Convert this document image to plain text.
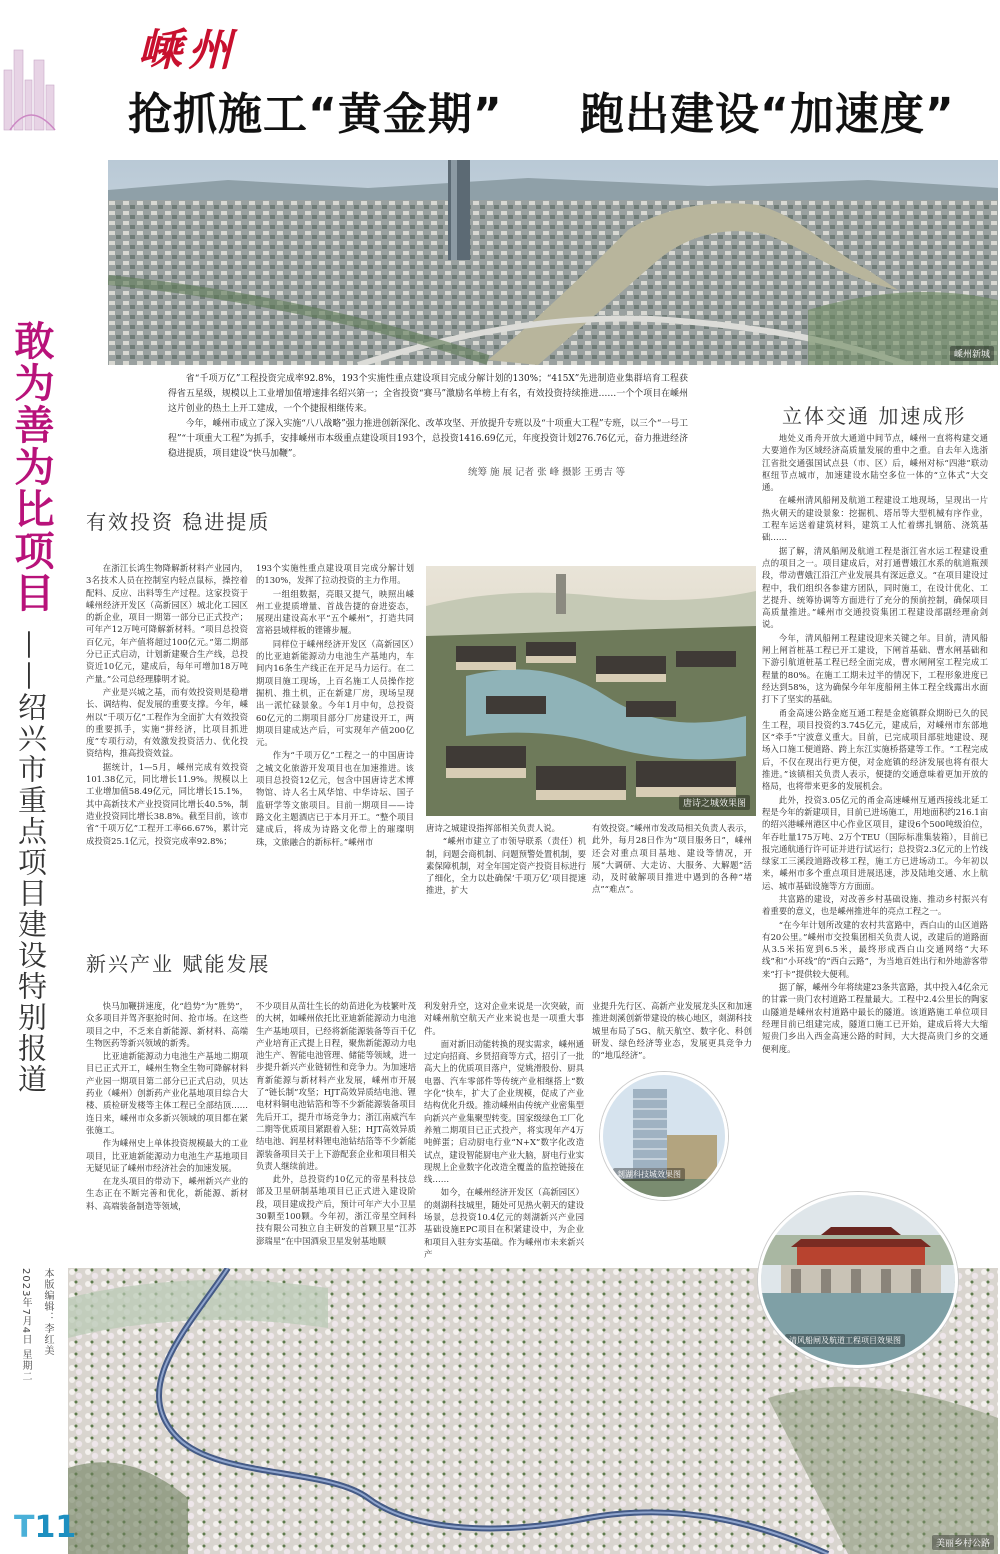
嵊州
抢抓施工“黄金期” 跑出建设“加速度”
嵊州新城
敢为善为比项目
——绍兴市重点项目建设特别报道

省“千项万亿”工程投资完成率92.8%，193个实施性重点建设项目完成分解计划的130%；“415X”先进制造业集群培育工程获得省五星级，规模以上工业增加值增速排名绍兴第一；全省投资“赛马”激励名单榜上有名，有效投资持续推进……一个个项目在嵊州这片创业的热土上开工建成，一个个捷报相继传来。

今年，嵊州市成立了深入实施“八八战略”强力推进创新深化、改革攻坚、开放提升专班以及“十项重大工程”专班，以三个“一号工程”“十项重大工程”为抓手，安排嵊州市本级重点建设项目193个，总投资1416.69亿元，年度投资计划276.76亿元，奋力推进经济稳进提质，项目建设“快马加鞭”。

统筹 施 展 记者 张 峰 摄影 王勇吉 等
有效投资 稳进提质

在浙江长鸿生物降解新材料产业园内，3名技术人员在控制室内轻点鼠标，操控着配料、反应、出料等生产过程。这家投资于嵊州经济开发区（高新园区）城北化工园区的新企业，项目一期第一部分已正式投产；可年产12万吨可降解新材料。“项目总投资百亿元，年产值将超过100亿元。”第二期部分已正式启动，计划新建聚合生产线，总投资近10亿元，建成后，每年可增加18万吨产量。”公司总经理滕明才说。

产业是兴城之基，而有效投资则是稳增长、调结构、促发展的重要支撑。今年，嵊州以“千项万亿”工程作为全面扩大有效投资的重要抓手，实施“拼经济，比项目抓进度”专项行动，有效激发投资活力、优化投资结构，推高投资效益。

据统计，1—5月，嵊州完成有效投资101.38亿元，同比增长11.9%。规模以上工业增加值58.49亿元，同比增长15.1%，其中高新技术产业投资同比增长40.5%，制造业投资同比增长38.8%。截至目前，该市省“千项万亿”工程开工率66.67%，累计完成投资25.1亿元，投资完成率92.8%；

193个实施性重点建设项目完成分解计划的130%，发挥了拉动投资的主力作用。

一组组数据，亮眼又提气，映照出嵊州工业提质增量、首战告捷的奋进姿态，展现出建设高水平“五个嵊州”，打造共同富裕县域样板的铿锵步履。

同样位于嵊州经济开发区（高新园区）的比亚迪新能源动力电池生产基地内，车间内16条生产线正在开足马力运行。在二期项目施工现场，上百名施工人员操作挖掘机、推土机，正在新建厂房，现场呈现出一派忙碌景象。今年1月中旬，总投资60亿元的二期项目部分厂房建设开工，两期项目建成达产后，可实现年产值200亿元。

作为“千项万亿”工程之一的中国唐诗之城文化旅游开发项目也在加速推进。该项目总投资12亿元，包含中国唐诗艺术博物馆、诗人名士风华馆、中华诗坛、国子监研学等文旅项目。目前一期项目——诗路文化主题酒店已于本月开工。“整个项目建成后，将成为诗路文化带上的璀璨明珠，文旅融合的新标杆。”嵊州市

唐诗之城效果图

唐诗之城建设指挥部相关负责人说。

“嵊州市建立了市领导联系（责任）机制，问题会商机制、问题预警处置机制，要素保障机制，对全年国定资产投资目标进行了细化，全力以赴确保‘千项万亿’项目提速推进，扩大

有效投资。”嵊州市发改局相关负责人表示，此外，每月28日作为“项目服务日”，嵊州还会对重点项目基地、建设等情况，开展“大调研、大走访、大服务、大解题”活动，及时破解项目推进中遇到的各种“堵点”“难点”。

立体交通 加速成形

地处义甬舟开放大通道中间节点，嵊州一直将构建交通大要道作为区域经济高质量发展的重中之重。自去年入选浙江省批交通强国试点县（市、区）后，嵊州对标“四港”联动枢纽节点城市，加速建设水陆空多位一体的“立体式”大交通。

在嵊州清风船闸及航道工程建设工地现场，呈现出一片热火朝天的建设景象：挖掘机、塔吊等大型机械有序作业，工程车运送着建筑材料，建筑工人忙着绑扎钢筋、浇筑基础……

据了解，清风船闸及航道工程是浙江省水运工程建设重点的项目之一。项目建成后，对打通曹娥江水系的航道瓶颈段，带动曹娥江沿江产业发展具有深远意义。“在项目建设过程中，我们组织各参建方团队，同时施工，在设计优化、工艺提升、统筹协调等方面进行了充分的预前控制，确保项目高质量推进。”嵊州市交通投资集团工程建设部副经理俞剑说。

今年，清风船闸工程建设迎来关键之年。目前，清风船闸上闸首桩基工程已开工建设，下闸首基础、曹水闸基础和下游引航道桩基工程已经全面完成，曹水闸闸室工程完成工程量的80%。在施工工期未过半的情况下，工程形象进度已经达到58%，这为确保今年年度船闸主体工程全线露出水面打下了坚实的基础。

甬金高速公路金庭互通工程是金庭镇群众期盼已久的民生工程，项目投资约3.745亿元，建成后，对嵊州市东部地区“牵手”宁波意义重大。目前，已完成项目部驻地建设、现场入口施工便道路、跨上东江实施桥搭建等工作。“工程完成后，不仅在现出行更方便，对金庭镇的经济发展也将有很大推进。”该镇相关负责人表示，便捷的交通意味着更加开放的格局，也将带来更多的发展机会。

此外，投资3.05亿元的甬金高速嵊州互通西接线北延工程是今年的新建项目，目前已进场施工，用地面积约216.1亩的绍兴港嵊州港区中心作业区项目，建设6个500吨级泊位，年吞吐量175万吨、2万个TEU（国际标准集装箱），目前已报完通航通行许可证并进行试运行；总投资2.3亿元的上竹线绿家工三溪段道路改移工程，施工方已进场动工。今年初以来，嵊州市多个重点项目进展迅速，涉及陆地交通、水上航运、城市基础设施等方方面面。

共富路的建设，对改善乡村基础设施、推动乡村振兴有着重要的意义，也是嵊州推进年的亮点工程之一。

“在今年计划所改建的农村共富路中，西白山的山区道路有20公里。”嵊州市交投集团相关负责人说，改建后的道路面从3.5米拓宽到6.5米，最终形成西白山交通网络“大环线”和“小环线”的“西白云路”，为当地百姓出行和外地游客带来“打卡”提供较大便利。

据了解，嵊州今年将续建23条共富路，其中投入4亿余元的甘霖一贵门农村道路工程量最大。工程中2.4公里长的陶家山隧道是嵊州农村道路中最长的隧道。该道路施工单位项目经理目前已组建完成，隧道口施工已开始，建成后将大大缩短贵门乡出入西金高速公路的时间，大大提高贵门乡的交通便利度。

新兴产业 赋能发展

快马加鞭拼速度，化“趋势”为“胜势”，众多项目并驾齐驱抢时间、抢市场。在这些项目之中，不乏来自新能源、新材料、高端生物医药等新兴领域的新秀。

比亚迪新能源动力电池生产基地二期项目已正式开工，嵊州生物全生物可降解材料产业园一期项目第二部分已正式启动，贝达药业（嵊州）创新药产业化基地项目综合大楼、质检研发楼等主体工程已全部结顶……连日来，嵊州市众多新兴领域的项目都在紧张施工。

作为嵊州史上单体投资规模最大的工业项目，比亚迪新能源动力电池生产基地项目无疑见证了嵊州市经济社会的加速发展。

在龙头项目的带动下，嵊州新兴产业的生态正在不断完善和优化，新能源、新材料、高端装备制造等领域，

不少项目从苗壮生长的幼苗进化为枝繁叶茂的大树，如嵊州依托比亚迪新能源动力电池生产基地项目，已经将新能源装备等百千亿产业培育正式提上日程，聚焦新能源动力电池生产、智能电池管理、储能等领域，进一步提升新兴产业链韧性和竞争力。为加速培育新能源与新材料产业发展，嵊州市开展了“链长制”攻坚；HJT高效异质结电池、锂电材料铜电池钻箔和等不少新能源装备项目先后开工，提升市场竞争力；浙江南威汽车二期等优质项目紧跟着入驻；HJT高效异质结电池、润星材料锂电池钻结箔等不少新能源装备项目关于上下游配套企业和项目相关负责人继续前进。

此外，总投资约10亿元的帝星科技总部及卫星研制基地项目已正式进入建设阶段，项目建成投产后，预计可年产大小卫星30颗至100颗。今年初，浙江帝星空间科技有限公司独立自主研发的首颗卫星“江苏澎瑞星”在中国酒泉卫星发射基地顺

利发射升空，这对企业来说是一次突破，而对嵊州航空航天产业来说也是一项重大事件。

面对新旧动能转换的现实需求，嵊州通过定向招商、乡贤招商等方式，招引了一批高大上的优质项目落户，觉姚滑股份、厨具电器、汽车零部件等传统产业相继搭上“数字化”快车，扩大了企业规模，促成了产业结构优化升级。推动嵊州由传统产业密集型向新兴产业集聚型转变。国家级绿色工厂化养殖二期项目已正式投产，将实现年产4万吨鲜蛋；启动厨电行业“N+X”数字化改造试点，建设智能厨电产业大脑，厨电行业实现规上企业数字化改造全覆盖的监控链接在线……

如今，在嵊州经济开发区（高新园区）的剡湖科技城里，随处可见热火朝天的建设场景，总投资10.4亿元的剡湖新兴产业园基础设施EPC项目在积紧建设中，为企业和项目入驻夯实基础。作为嵊州市未来新兴产

业提升先行区、高新产业发展龙头区和加速推进剡溪创新带建设的核心地区，剡湖科技城里布局了5G、航天航空、数字化、科创研发、绿色经济等业态，发展更具竞争力的“地瓜经济”。

美丽乡村公路
剡湖科技城效果图
清风船闸及航道工程项目效果图
本版编辑：李红美
2023年7月4日 星期二
T11
